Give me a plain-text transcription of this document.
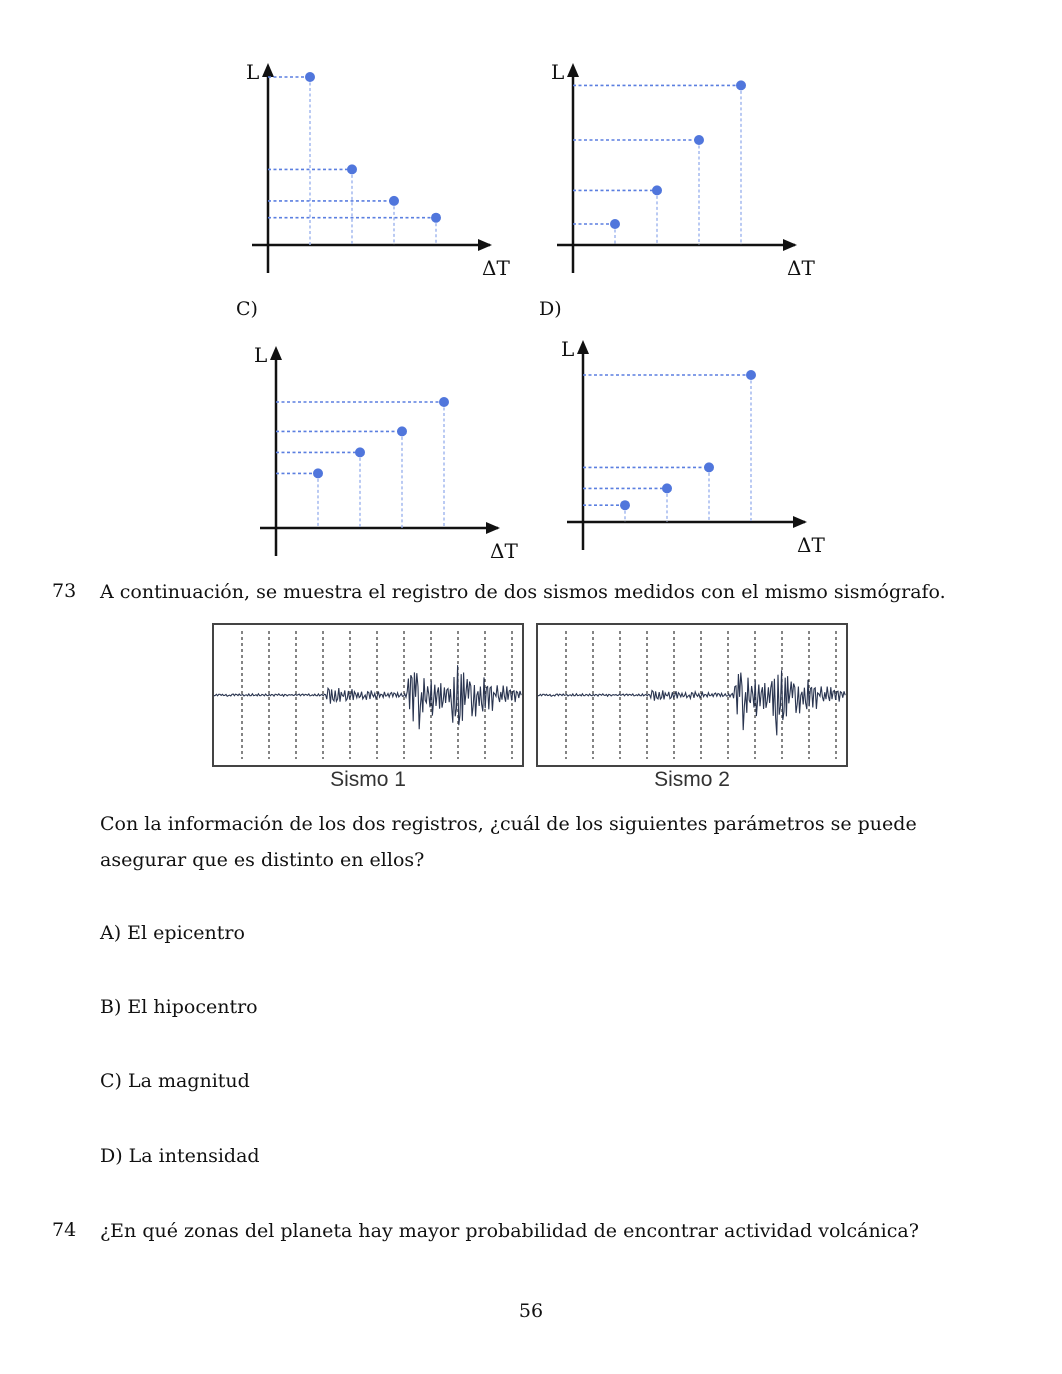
L
ΔT
L
ΔT
C)	D)
L
ΔT
L
ΔT
73 A continuación, se muestra el registro de dos sismos medidos con el mismo sismógrafo.
Sismo 1	Sismo 2
Con la información de los dos registros, ¿cuál de los siguientes parámetros se puede asegurar que es distinto en ellos?
A) El epicentro
B) El hipocentro
C) La magnitud
D) La intensidad
74 ¿En qué zonas del planeta hay mayor probabilidad de encontrar actividad volcánica?
56
